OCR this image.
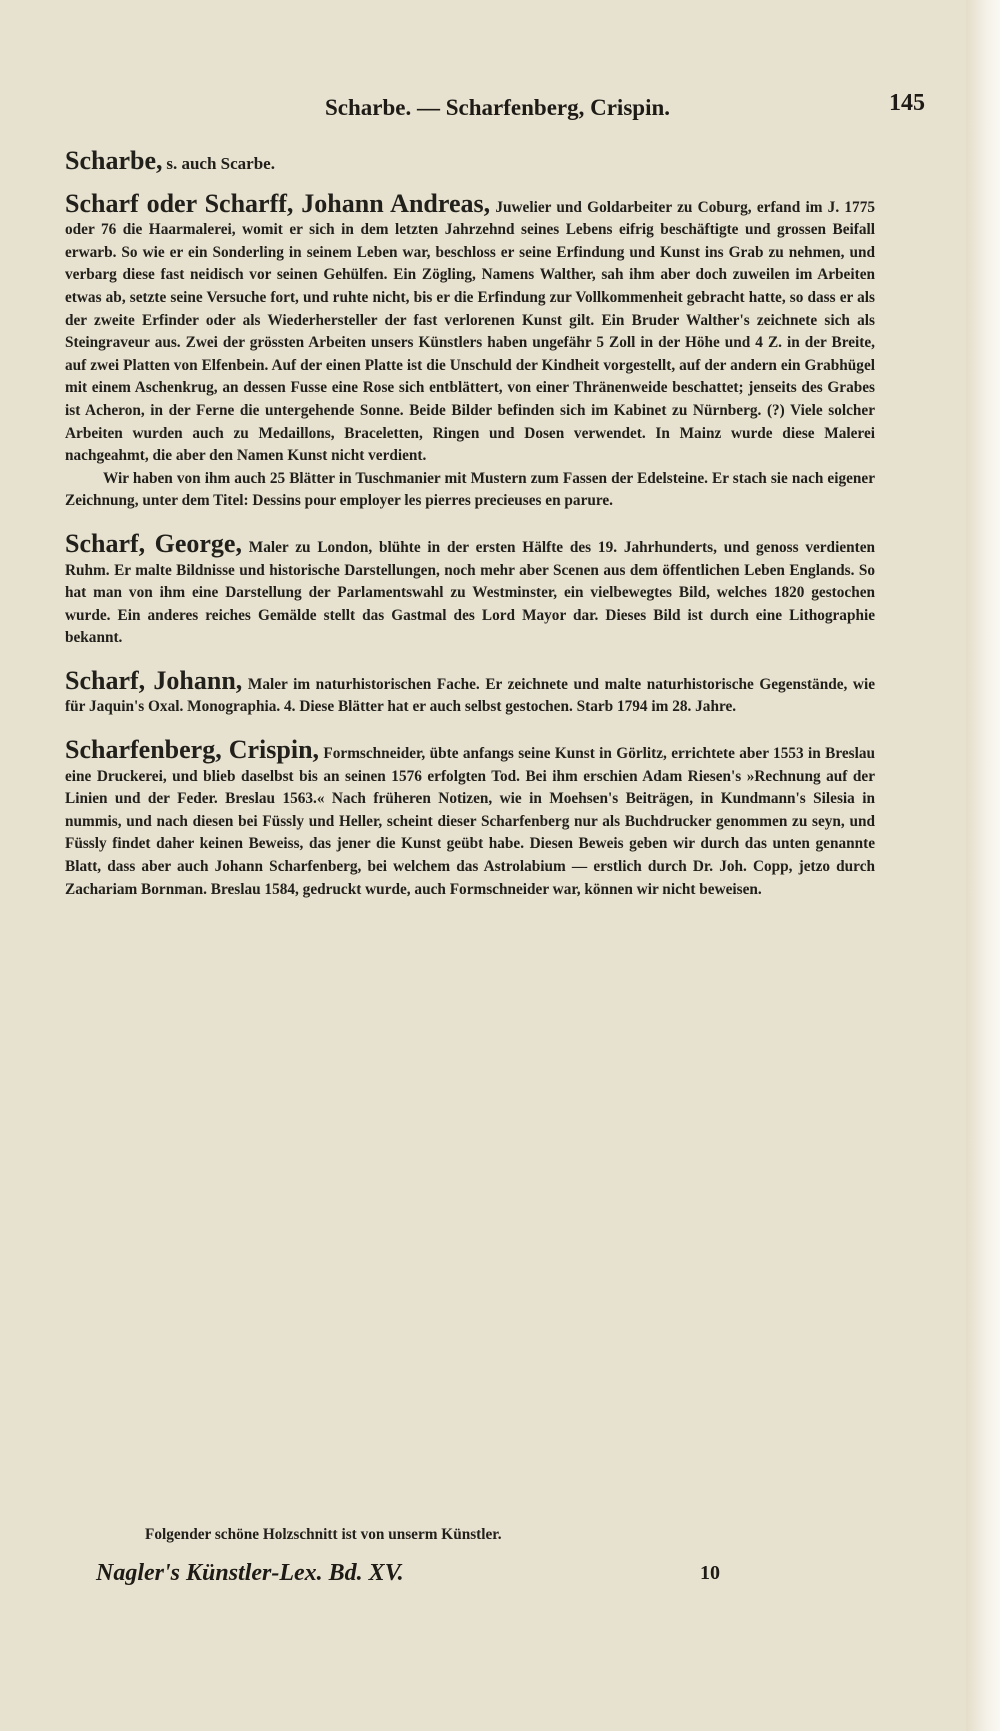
Scharbe. — Scharfenberg, Crispin.	145

Scharbe, s. auch Scarbe.

Scharf oder Scharff, Johann Andreas, Juwelier und Goldarbeiter zu Coburg, erfand im J. 1775 oder 76 die Haarmalerei, womit er sich in dem letzten Jahrzehnd seines Lebens eifrig beschäftigte und grossen Beifall erwarb. So wie er ein Sonderling in seinem Leben war, beschloss er seine Erfindung und Kunst ins Grab zu nehmen, und verbarg diese fast neidisch vor seinen Gehülfen. Ein Zögling, Namens Walther, sah ihm aber doch zuweilen im Arbeiten etwas ab, setzte seine Versuche fort, und ruhte nicht, bis er die Erfindung zur Vollkommenheit gebracht hatte, so dass er als der zweite Erfinder oder als Wiederhersteller der fast verlorenen Kunst gilt. Ein Bruder Walther's zeichnete sich als Steingraveur aus. Zwei der grössten Arbeiten unsers Künstlers haben ungefähr 5 Zoll in der Höhe und 4 Z. in der Breite, auf zwei Platten von Elfenbein. Auf der einen Platte ist die Unschuld der Kindheit vorgestellt, auf der andern ein Grabhügel mit einem Aschenkrug, an dessen Fusse eine Rose sich entblättert, von einer Thränenweide beschattet; jenseits des Grabes ist Acheron, in der Ferne die untergehende Sonne. Beide Bilder befinden sich im Kabinet zu Nürnberg. (?) Viele solcher Arbeiten wurden auch zu Medaillons, Braceletten, Ringen und Dosen verwendet. In Mainz wurde diese Malerei nachgeahmt, die aber den Namen Kunst nicht verdient.

Wir haben von ihm auch 25 Blätter in Tuschmanier mit Mustern zum Fassen der Edelsteine. Er stach sie nach eigener Zeichnung, unter dem Titel: Dessins pour employer les pierres precieuses en parure.

Scharf, George, Maler zu London, blühte in der ersten Hälfte des 19. Jahrhunderts, und genoss verdienten Ruhm. Er malte Bildnisse und historische Darstellungen, noch mehr aber Scenen aus dem öffentlichen Leben Englands. So hat man von ihm eine Darstellung der Parlamentswahl zu Westminster, ein vielbewegtes Bild, welches 1820 gestochen wurde. Ein anderes reiches Gemälde stellt das Gastmal des Lord Mayor dar. Dieses Bild ist durch eine Lithographie bekannt.

Scharf, Johann, Maler im naturhistorischen Fache. Er zeichnete und malte naturhistorische Gegenstände, wie für Jaquin's Oxal. Monographia. 4. Diese Blätter hat er auch selbst gestochen. Starb 1794 im 28. Jahre.

Scharfenberg, Crispin, Formschneider, übte anfangs seine Kunst in Görlitz, errichtete aber 1553 in Breslau eine Druckerei, und blieb daselbst bis an seinen 1576 erfolgten Tod. Bei ihm erschien Adam Riesen's »Rechnung auf der Linien und der Feder. Breslau 1563.« Nach früheren Notizen, wie in Moehsen's Beiträgen, in Kundmann's Silesia in nummis, und nach diesen bei Füssly und Heller, scheint dieser Scharfenberg nur als Buchdrucker genommen zu seyn, und Füssly findet daher keinen Beweiss, das jener die Kunst geübt habe. Diesen Beweis geben wir durch das unten genannte Blatt, dass aber auch Johann Scharfenberg, bei welchem das Astrolabium — erstlich durch Dr. Joh. Copp, jetzo durch Zachariam Bornman. Breslau 1584, gedruckt wurde, auch Formschneider war, können wir nicht beweisen.

Folgender schöne Holzschnitt ist von unserm Künstler.
Nagler's Künstler-Lex. Bd. XV.	10
